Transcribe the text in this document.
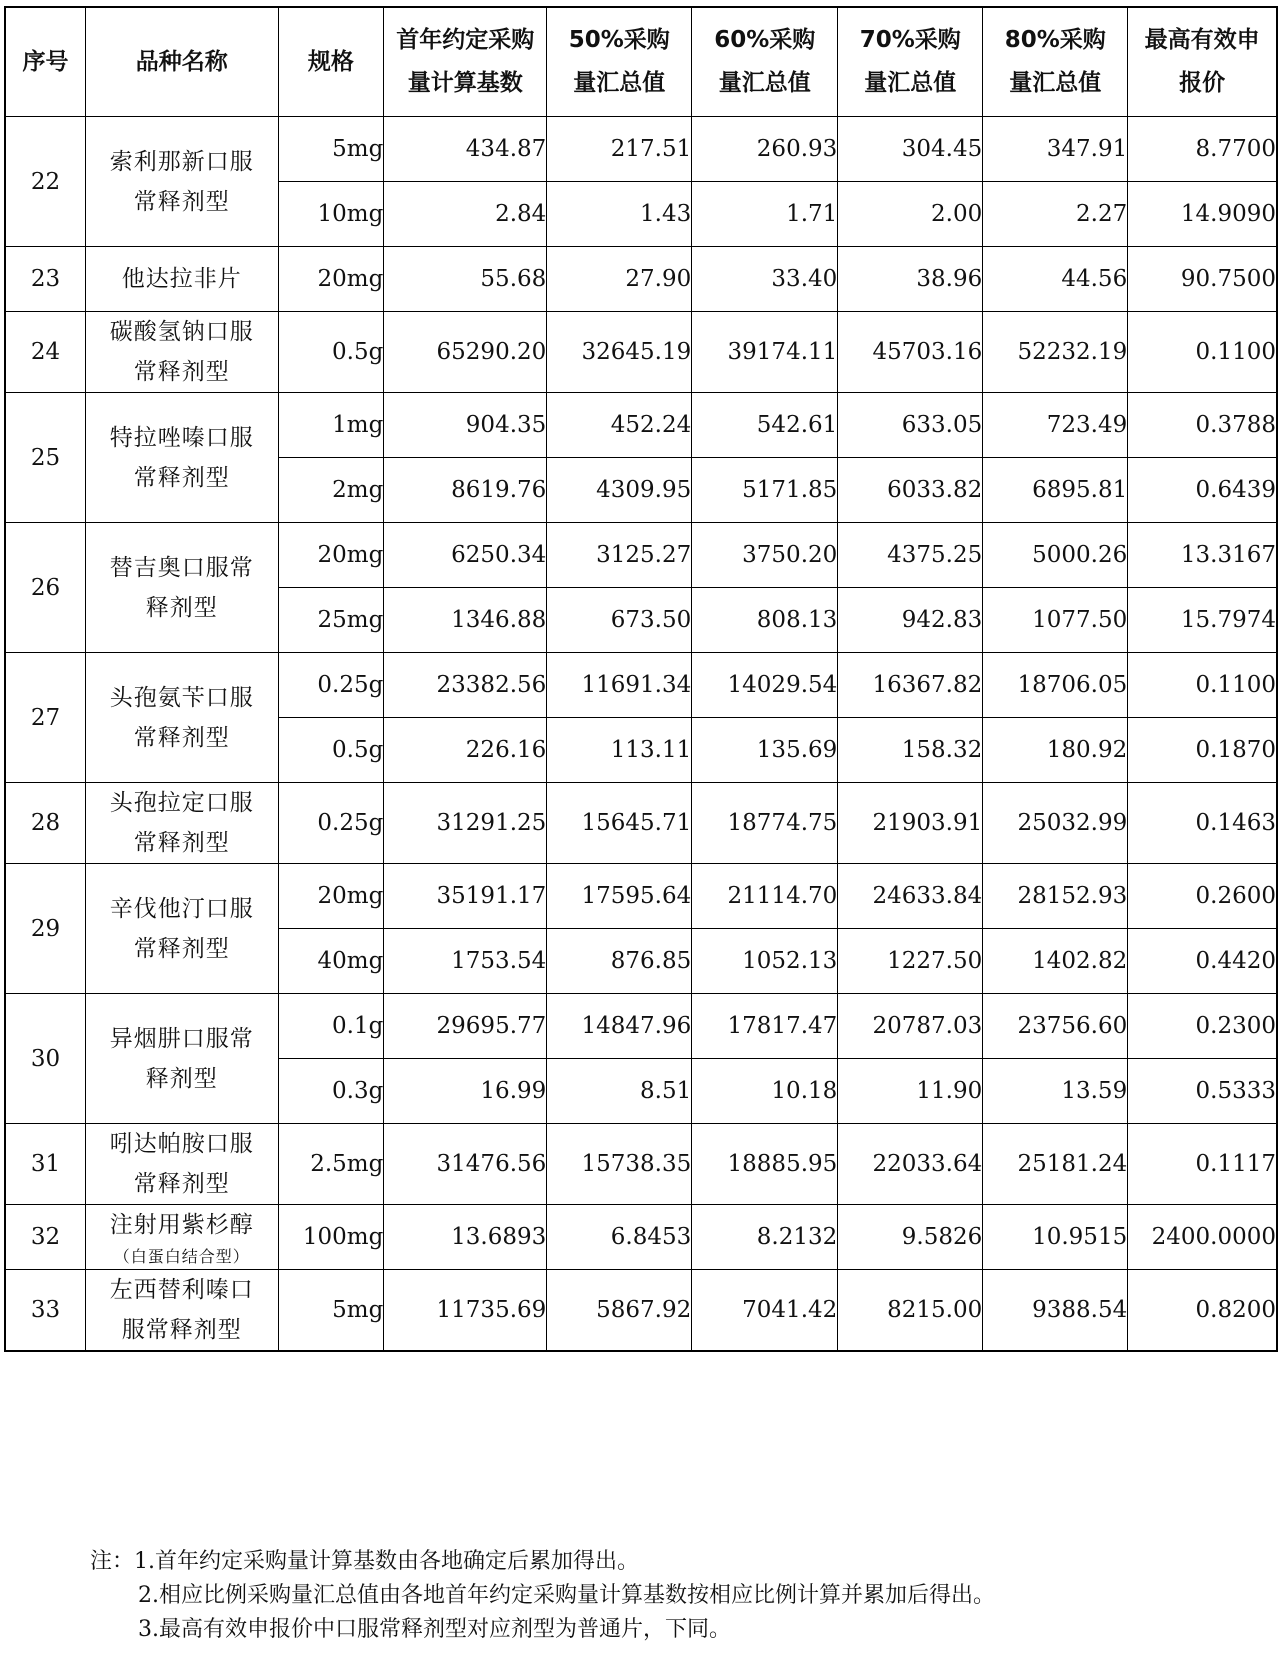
序号	品种名称	规格	首年约定采购量计算基数	50%采购量汇总值	60%采购量汇总值	70%采购量汇总值	80%采购量汇总值	最高有效申报价
22	索利那新口服常释剂型	5mg	434.87	217.51	260.93	304.45	347.91	8.7700
		10mg	2.84	1.43	1.71	2.00	2.27	14.9090
23	他达拉非片	20mg	55.68	27.90	33.40	38.96	44.56	90.7500
24	碳酸氢钠口服常释剂型	0.5g	65290.20	32645.19	39174.11	45703.16	52232.19	0.1100
25	特拉唑嗪口服常释剂型	1mg	904.35	452.24	542.61	633.05	723.49	0.3788
		2mg	8619.76	4309.95	5171.85	6033.82	6895.81	0.6439
26	替吉奥口服常释剂型	20mg	6250.34	3125.27	3750.20	4375.25	5000.26	13.3167
		25mg	1346.88	673.50	808.13	942.83	1077.50	15.7974
27	头孢氨苄口服常释剂型	0.25g	23382.56	11691.34	14029.54	16367.82	18706.05	0.1100
		0.5g	226.16	113.11	135.69	158.32	180.92	0.1870
28	头孢拉定口服常释剂型	0.25g	31291.25	15645.71	18774.75	21903.91	25032.99	0.1463
29	辛伐他汀口服常释剂型	20mg	35191.17	17595.64	21114.70	24633.84	28152.93	0.2600
		40mg	1753.54	876.85	1052.13	1227.50	1402.82	0.4420
30	异烟肼口服常释剂型	0.1g	29695.77	14847.96	17817.47	20787.03	23756.60	0.2300
		0.3g	16.99	8.51	10.18	11.90	13.59	0.5333
31	吲达帕胺口服常释剂型	2.5mg	31476.56	15738.35	18885.95	22033.64	25181.24	0.1117
32	注射用紫杉醇
（白蛋白结合型）	100mg	13.6893	6.8453	8.2132	9.5826	10.9515	2400.0000
33	左西替利嗪口服常释剂型	5mg	11735.69	5867.92	7041.42	8215.00	9388.54	0.8200
注：1.首年约定采购量计算基数由各地确定后累加得出。
2.相应比例采购量汇总值由各地首年约定采购量计算基数按相应比例计算并累加后得出。
3.最高有效申报价中口服常释剂型对应剂型为普通片，下同。
